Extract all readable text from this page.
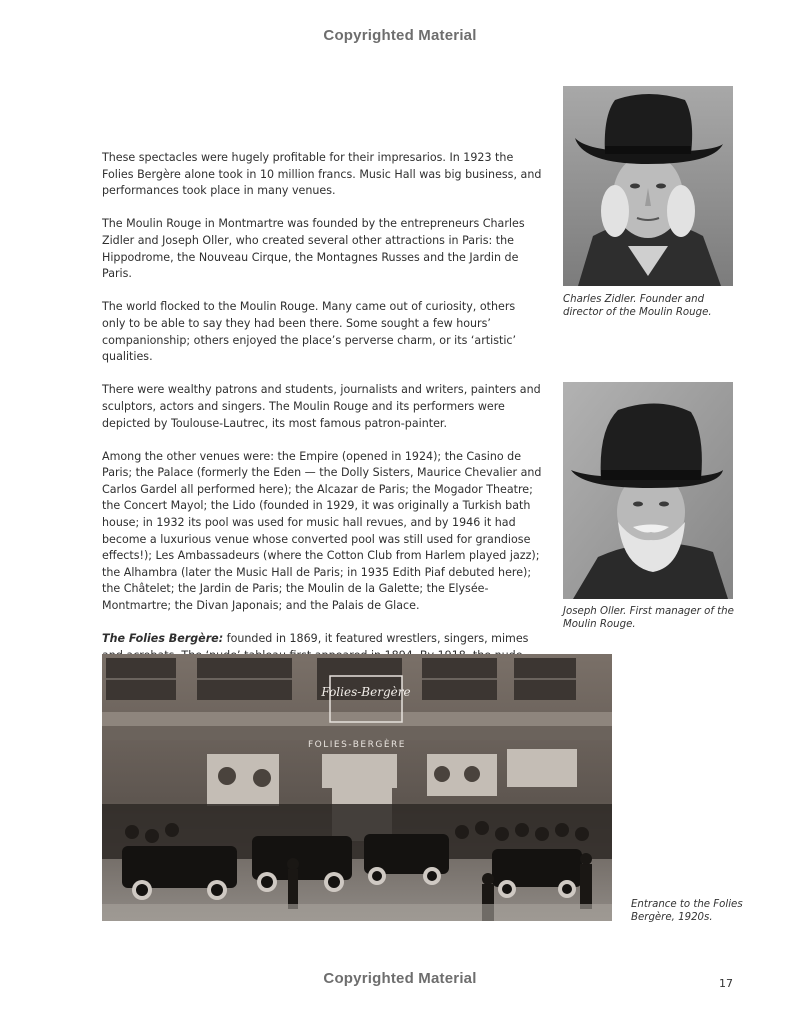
Copyrighted Material

These spectacles were hugely profitable for their impresarios. In 1923 the Folies Bergère alone took in 10 million francs. Music Hall was big business, and performances took place in many venues.

The Moulin Rouge in Montmartre was founded by the entrepreneurs Charles Zidler and Joseph Oller, who created several other attractions in Paris: the Hippodrome, the Nouveau Cirque, the Montagnes Russes and the Jardin de Paris.

The world flocked to the Moulin Rouge. Many came out of curiosity, others only to be able to say they had been there. Some sought a few hours’ companionship; others enjoyed the place’s perverse charm, or its ‘artistic’ qualities.

There were wealthy patrons and students, journalists and writers, painters and sculptors, actors and singers. The Moulin Rouge and its performers were depicted by Toulouse-Lautrec, its most famous patron-painter.

Among the other venues were: the Empire (opened in 1924); the Casino de Paris; the Palace (formerly the Eden — the Dolly Sisters, Maurice Chevalier and Carlos Gardel all performed here); the Alcazar de Paris; the Mogador Theatre; the Concert Mayol; the Lido (founded in 1929, it was originally a Turkish bath house; in 1932 its pool was used for music hall revues, and by 1946 it had become a luxurious venue whose converted pool was still used for grandiose effects!); Les Ambassadeurs (where the Cotton Club from Harlem played jazz); the Alhambra (later the Music Hall de Paris; in 1935 Edith Piaf debuted here); the Châtelet; the Jardin de Paris; the Moulin de la Galette; the Elysée-Montmartre; the Divan Japonais; and the Palais de Glace.

The Folies Bergère: founded in 1869, it featured wrestlers, singers, mimes

Charles Zidler. Founder and director of the Moulin Rouge.
Joseph Oller. First manager of the Moulin Rouge.
Folies-Bergère
FOLIES-BERGÈRE
Entrance to the Folies Bergère, 1920s.
Copyrighted Material	17
